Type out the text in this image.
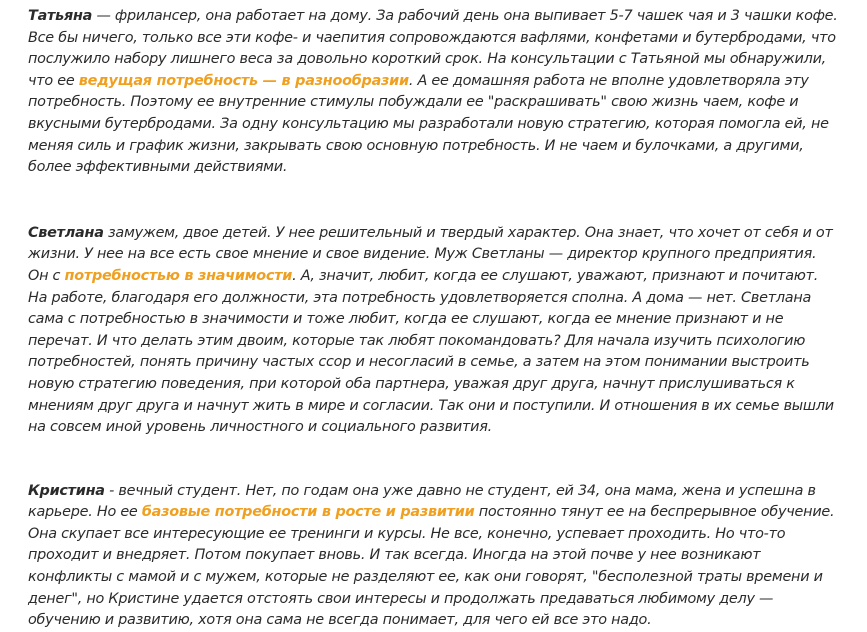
Татьяна — фрилансер, она работает на дому. За рабочий день она выпивает 5-7 чашек чая и 3 чашки кофе. Все бы ничего, только все эти кофе- и чаепития сопровождаются вафлями, конфетами и бутербродами, что послужило набору лишнего веса за довольно короткий срок. На консультации с Татьяной мы обнаружили, что ее ведущая потребность — в разнообразии. А ее домашняя работа не вполне удовлетворяла эту потребность. Поэтому ее внутренние стимулы побуждали ее "раскрашивать" свою жизнь чаем, кофе и вкусными бутербродами. За одну консультацию мы разработали новую стратегию, которая помогла ей, не меняя силь и график жизни, закрывать свою основную потребность. И не чаем и булочками, а другими, более эффективными действиями.

Светлана замужем, двое детей. У нее решительный и твердый характер. Она знает, что хочет от себя и от жизни. У нее на все есть свое мнение и свое видение. Муж Светланы — директор крупного предприятия. Он с потребностью в значимости. А, значит, любит, когда ее слушают, уважают, признают и почитают. На работе, благодаря его должности, эта потребность удовлетворяется сполна. А дома — нет. Светлана сама с потребностью в значимости и тоже любит, когда ее слушают, когда ее мнение признают и не перечат. И что делать этим двоим, которые так любят покомандовать? Для начала изучить психологию потребностей, понять причину частых ссор и несогласий в семье, а затем на этом понимании выстроить новую стратегию поведения, при которой оба партнера, уважая друг друга, начнут прислушиваться к мнениям друг друга и начнут жить в мире и согласии. Так они и поступили. И отношения в их семье вышли на совсем иной уровень личностного и социального развития.

Кристина - вечный студент. Нет, по годам она уже давно не студент, ей 34, она мама, жена и успешна в карьере. Но ее базовые потребности в росте и развитии постоянно тянут ее на беспрерывное обучение. Она скупает все интересующие ее тренинги и курсы. Не все, конечно, успевает проходить. Но что-то проходит и внедряет. Потом покупает вновь. И так всегда. Иногда на этой почве у нее возникают конфликты с мамой и с мужем, которые не разделяют ее, как они говорят, "бесполезной траты времени и денег", но Кристине удается отстоять свои интересы и продолжать предаваться любимому делу — обучению и развитию, хотя она сама не всегда понимает, для чего ей все это надо.
